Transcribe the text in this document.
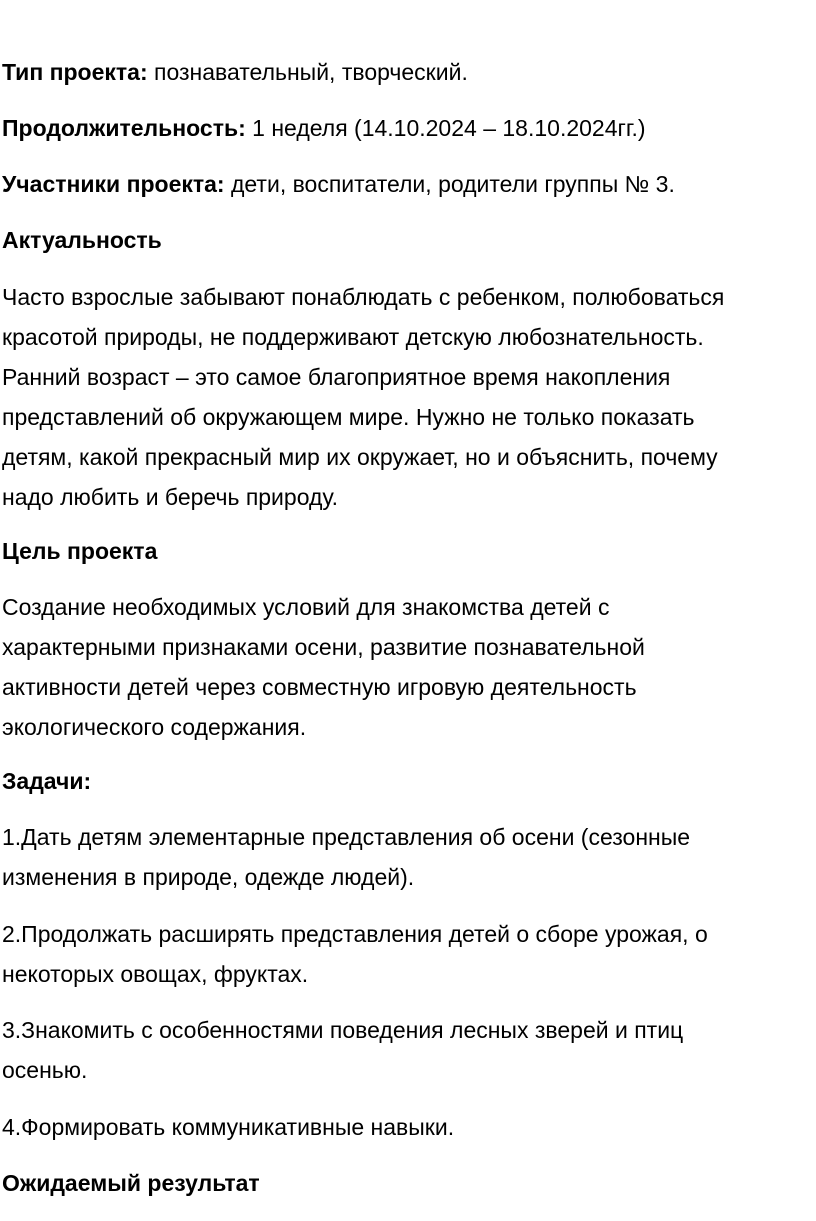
Тип проекта: познавательный, творческий.

Продолжительность: 1 неделя (14.10.2024 – 18.10.2024гг.)

Участники проекта: дети, воспитатели, родители группы № 3.

Актуальность

Часто взрослые забывают понаблюдать с ребенком, полюбоваться
красотой природы, не поддерживают детскую любознательность.
Ранний возраст – это самое благоприятное время накопления
представлений об окружающем мире. Нужно не только показать
детям, какой прекрасный мир их окружает, но и объяснить, почему
надо любить и беречь природу.

Цель проекта

Создание необходимых условий для знакомства детей с
характерными признаками осени, развитие познавательной
активности детей через совместную игровую деятельность
экологического содержания.

Задачи:

1.Дать детям элементарные представления об осени (сезонные
изменения в природе, одежде людей).
2.Продолжать расширять представления детей о сборе урожая, о
некоторых овощах, фруктах.
3.Знакомить с особенностями поведения лесных зверей и птиц
осенью.
4.Формировать коммуникативные навыки.

Ожидаемый результат
